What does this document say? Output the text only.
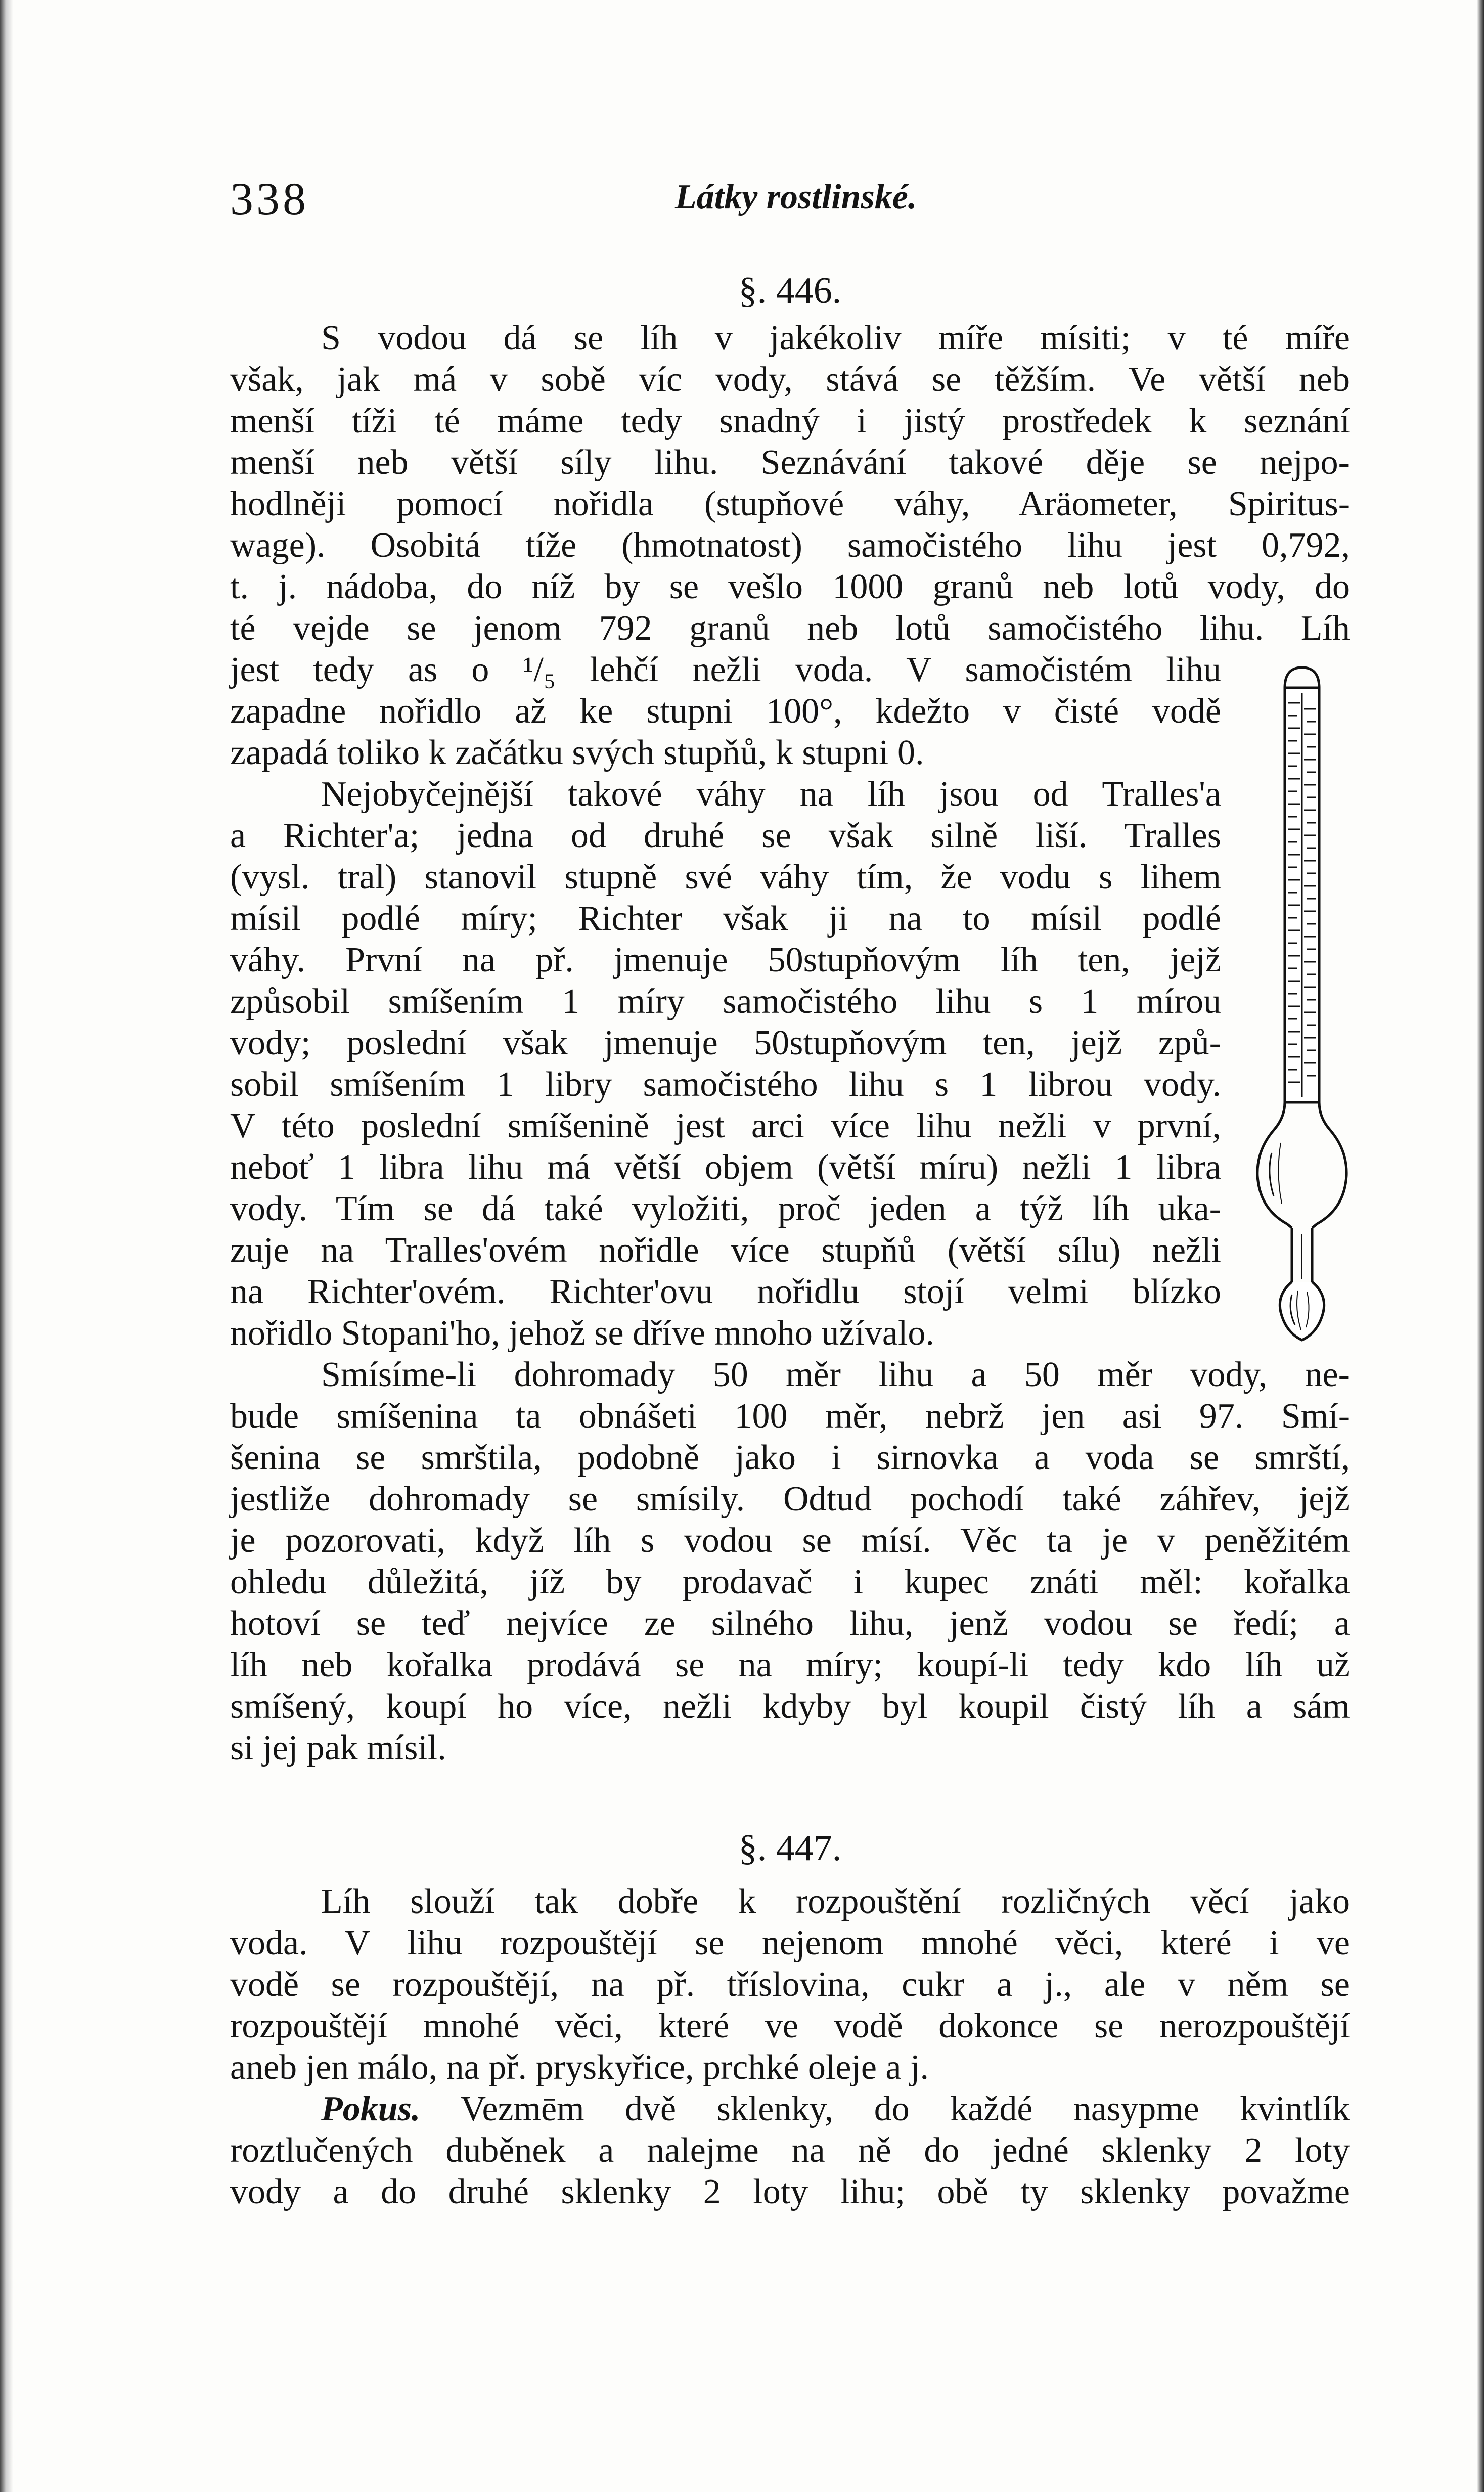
338	Látky rostlinské.
§. 446.
S vodou dá se líh v jakékoliv míře mísiti; v té míře
však, jak má v sobě víc vody, stává se těžším. Ve větší neb
menší tíži té máme tedy snadný i jistý prostředek k seznání
menší neb větší síly lihu. Seznávání takové děje se nejpo-
hodlněji pomocí nořidla (stupňové váhy, Aräometer, Spiritus-
wage). Osobitá tíže (hmotnatost) samočistého lihu jest 0,792,
t. j. nádoba, do níž by se vešlo 1000 granů neb lotů vody, do
té vejde se jenom 792 granů neb lotů samočistého lihu. Líh
jest tedy as o ¹/₅ lehčí nežli voda. V samočistém lihu
zapadne nořidlo až ke stupni 100°, kdežto v čisté vodě
zapadá toliko k začátku svých stupňů, k stupni 0.
Nejobyčejnější takové váhy na líh jsou od Tralles'a
a Richter'a; jedna od druhé se však silně liší. Tralles
(vysl. tral) stanovil stupně své váhy tím, že vodu s lihem
mísil podlé míry; Richter však ji na to mísil podlé
váhy. První na př. jmenuje 50stupňovým líh ten, jejž
způsobil smíšením 1 míry samočistého lihu s 1 mírou
vody; poslední však jmenuje 50stupňovým ten, jejž způ-
sobil smíšením 1 libry samočistého lihu s 1 librou vody.
V této poslední smíšenině jest arci více lihu nežli v první,
neboť 1 libra lihu má větší objem (větší míru) nežli 1 libra
vody. Tím se dá také vyložiti, proč jeden a týž líh uka-
zuje na Tralles'ovém nořidle více stupňů (větší sílu) nežli
na Richter'ovém. Richter'ovu nořidlu stojí velmi blízko
nořidlo Stopani'ho, jehož se dříve mnoho užívalo.
Smísíme-li dohromady 50 měr lihu a 50 měr vody, ne-
bude smíšenina ta obnášeti 100 měr, nebrž jen asi 97. Smí-
šenina se smrštila, podobně jako i sirnovka a voda se smrští,
jestliže dohromady se smísily. Odtud pochodí také záhřev, jejž
je pozorovati, když líh s vodou se mísí. Věc ta je v peněžitém
ohledu důležitá, jíž by prodavač i kupec znáti měl: kořalka
hotoví se teď nejvíce ze silného lihu, jenž vodou se ředí; a
líh neb kořalka prodává se na míry; koupí-li tedy kdo líh už
smíšený, koupí ho více, nežli kdyby byl koupil čistý líh a sám
si jej pak mísil.
§. 447.
Líh slouží tak dobře k rozpouštění rozličných věcí jako
voda. V lihu rozpouštějí se nejenom mnohé věci, které i ve
vodě se rozpouštějí, na př. tříslovina, cukr a j., ale v něm se
rozpouštějí mnohé věci, které ve vodě dokonce se nerozpouštějí
aneb jen málo, na př. pryskyřice, prchké oleje a j.
Pokus. Vezmēm dvě sklenky, do každé nasypme kvintlík
roztlučených duběnek a nalejme na ně do jedné sklenky 2 loty
vody a do druhé sklenky 2 loty lihu; obě ty sklenky považme
